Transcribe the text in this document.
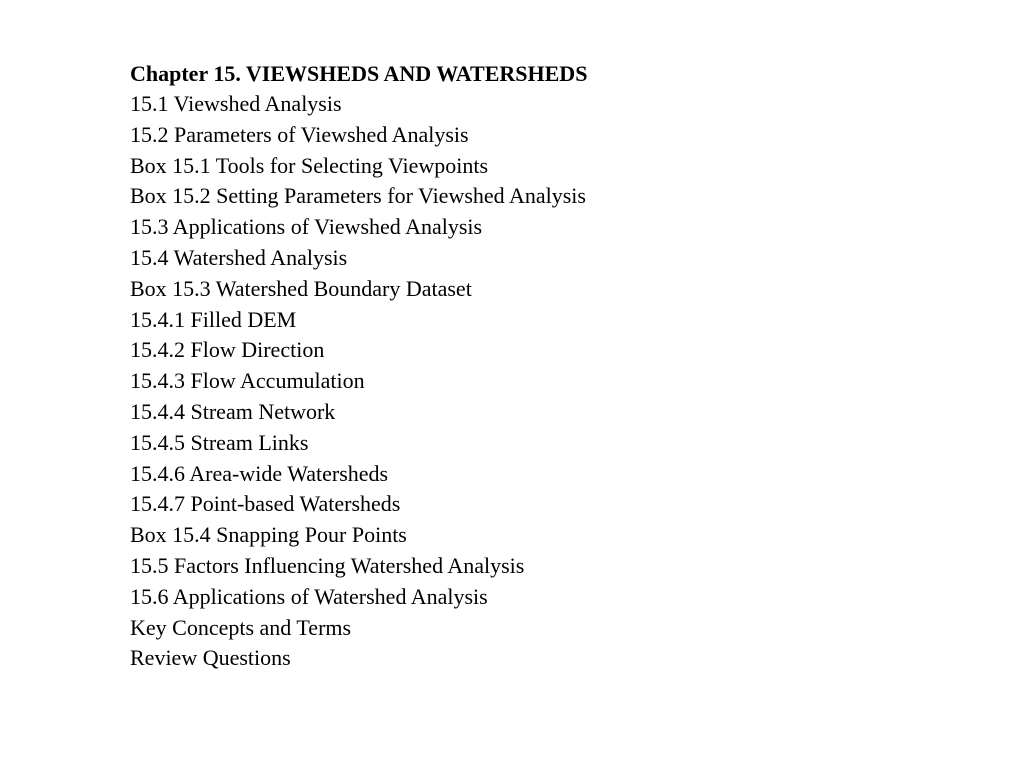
Chapter 15. VIEWSHEDS AND WATERSHEDS
15.1 Viewshed Analysis
15.2 Parameters of Viewshed Analysis
Box 15.1 Tools for Selecting Viewpoints
Box 15.2 Setting Parameters for Viewshed Analysis
15.3 Applications of Viewshed Analysis
15.4 Watershed Analysis
Box 15.3 Watershed Boundary Dataset
15.4.1 Filled DEM
15.4.2 Flow Direction
15.4.3 Flow Accumulation
15.4.4 Stream Network
15.4.5 Stream Links
15.4.6 Area-wide Watersheds
15.4.7 Point-based Watersheds
Box 15.4 Snapping Pour Points
15.5 Factors Influencing Watershed Analysis
15.6 Applications of Watershed Analysis
Key Concepts and Terms
Review Questions
